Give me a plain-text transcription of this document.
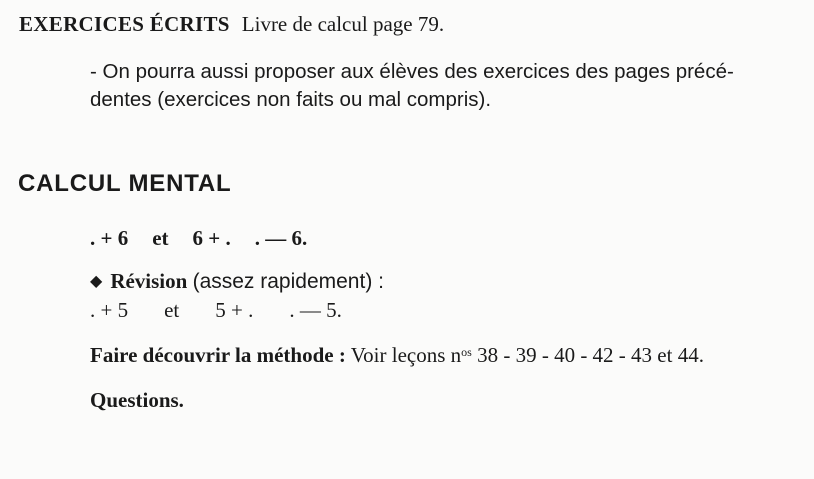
EXERCICES ÉCRITS Livre de calcul page 79.
- On pourra aussi proposer aux élèves des exercices des pages précé-
dentes (exercices non faits ou mal compris).
CALCUL MENTAL
. + 6 et 6 + . . — 6.
◆ Révision (assez rapidement) :
. + 5 et 5 + . . — 5.
Faire découvrir la méthode : Voir leçons $n^{os}$ 38 - 39 - 40 - 42 - 43 et 44.
Questions.
